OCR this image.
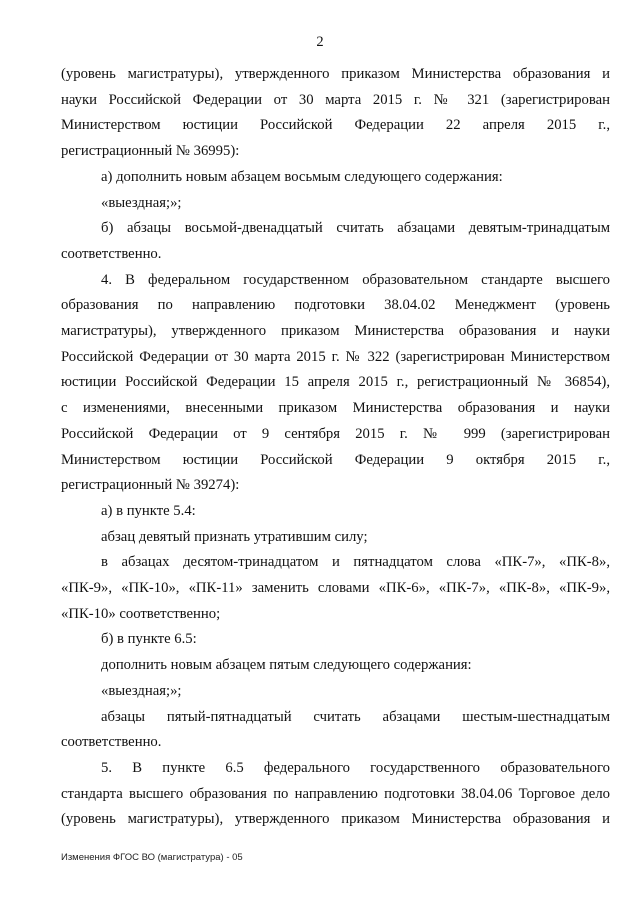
2
(уровень магистратуры), утвержденного приказом Министерства образования и
науки Российской Федерации от 30 марта 2015 г. № 321 (зарегистрирован
Министерством юстиции Российской Федерации 22 апреля 2015 г.,
регистрационный № 36995):
а) дополнить новым абзацем восьмым следующего содержания:
«выездная;»;
б) абзацы восьмой-двенадцатый считать абзацами девятым-тринадцатым
соответственно.
4. В федеральном государственном образовательном стандарте высшего
образования по направлению подготовки 38.04.02 Менеджмент (уровень
магистратуры), утвержденного приказом Министерства образования и науки
Российской Федерации от 30 марта 2015 г. № 322 (зарегистрирован Министерством
юстиции Российской Федерации 15 апреля 2015 г., регистрационный № 36854),
с изменениями, внесенными приказом Министерства образования и науки
Российской Федерации от 9 сентября 2015 г. № 999 (зарегистрирован
Министерством юстиции Российской Федерации 9 октября 2015 г.,
регистрационный № 39274):
а) в пункте 5.4:
абзац девятый признать утратившим силу;
в абзацах десятом-тринадцатом и пятнадцатом слова «ПК-7», «ПК-8»,
«ПК-9», «ПК-10», «ПК-11» заменить словами «ПК-6», «ПК-7», «ПК-8», «ПК-9»,
«ПК-10» соответственно;
б) в пункте 6.5:
дополнить новым абзацем пятым следующего содержания:
«выездная;»;
абзацы пятый-пятнадцатый считать абзацами шестым-шестнадцатым
соответственно.
5. В пункте 6.5 федерального государственного образовательного
стандарта высшего образования по направлению подготовки 38.04.06 Торговое дело
(уровень магистратуры), утвержденного приказом Министерства образования и
Изменения ФГОС ВО (магистратура) - 05
